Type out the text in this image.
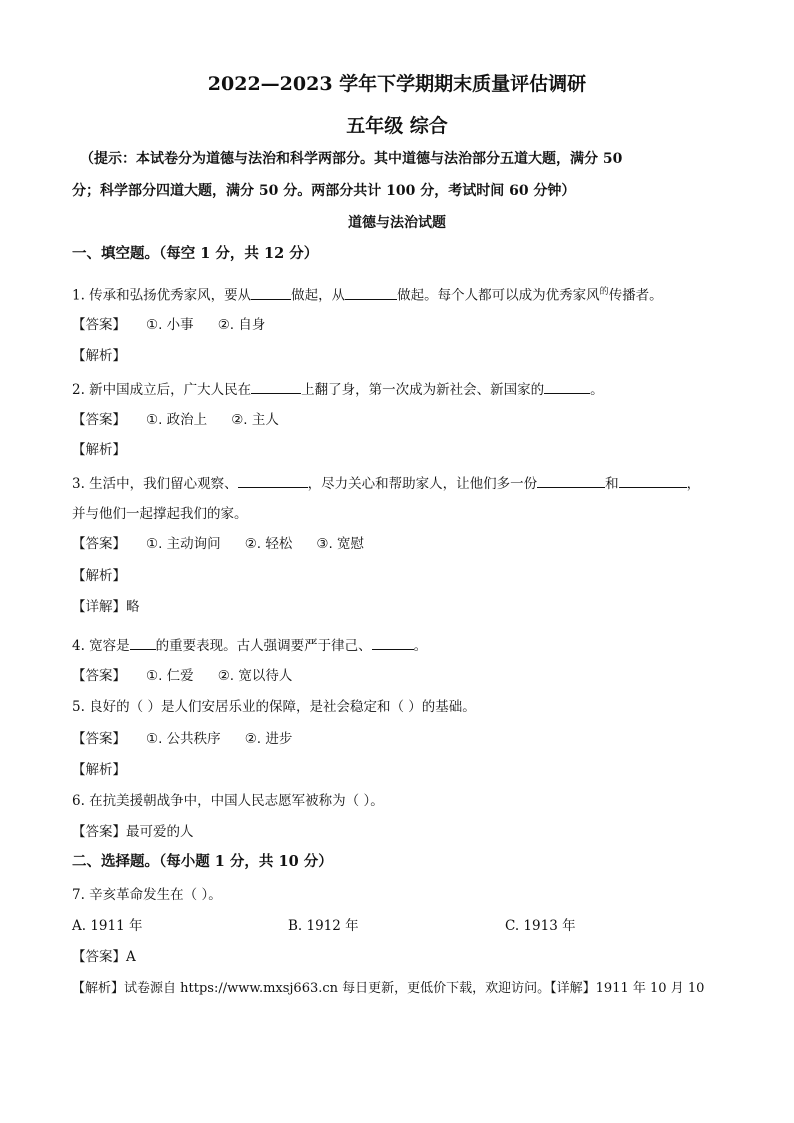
2022—2023 学年下学期期末质量评估调研
五年级 综合
（提示：本试卷分为道德与法治和科学两部分。其中道德与法治部分五道大题，满分 50
分；科学部分四道大题，满分 50 分。两部分共计 100 分，考试时间 60 分钟）
道德与法治试题
一、填空题。（每空 1 分，共 12 分）
1. 传承和弘扬优秀家风，要从	做起，从	做起。每个人都可以成为优秀家风$^的$传播者。
【答案】 ①. 小事 ②. 自身
【解析】
2. 新中国成立后，广大人民在	上翻了身，第一次成为新社会、新国家的	。
【答案】 ①. 政治上 ②. 主人
【解析】
3. 生活中，我们留心观察、	，尽力关心和帮助家人，让他们多一份	和	，
并与他们一起撑起我们的家。
【答案】 ①. 主动询问 ②. 轻松 ③. 宽慰
【解析】
【详解】略
4. 宽容是 的重要表现。古人强调要严于律己、	。
【答案】 ①. 仁爱 ②. 宽以待人
5. 良好的（ ）是人们安居乐业的保障，是社会稳定和（ ）的基础。
【答案】 ①. 公共秩序 ②. 进步
【解析】
6. 在抗美援朝战争中，中国人民志愿军被称为（ ）。
【答案】最可爱的人
二、选择题。（每小题 1 分，共 10 分）
7. 辛亥革命发生在（ ）。
A. 1911 年	B. 1912 年	C. 1913 年
【答案】A
【解析】试卷源自 https://www.mxsj663.cn 每日更新，更低价下载，欢迎访问。【详解】1911 年 10 月 10
